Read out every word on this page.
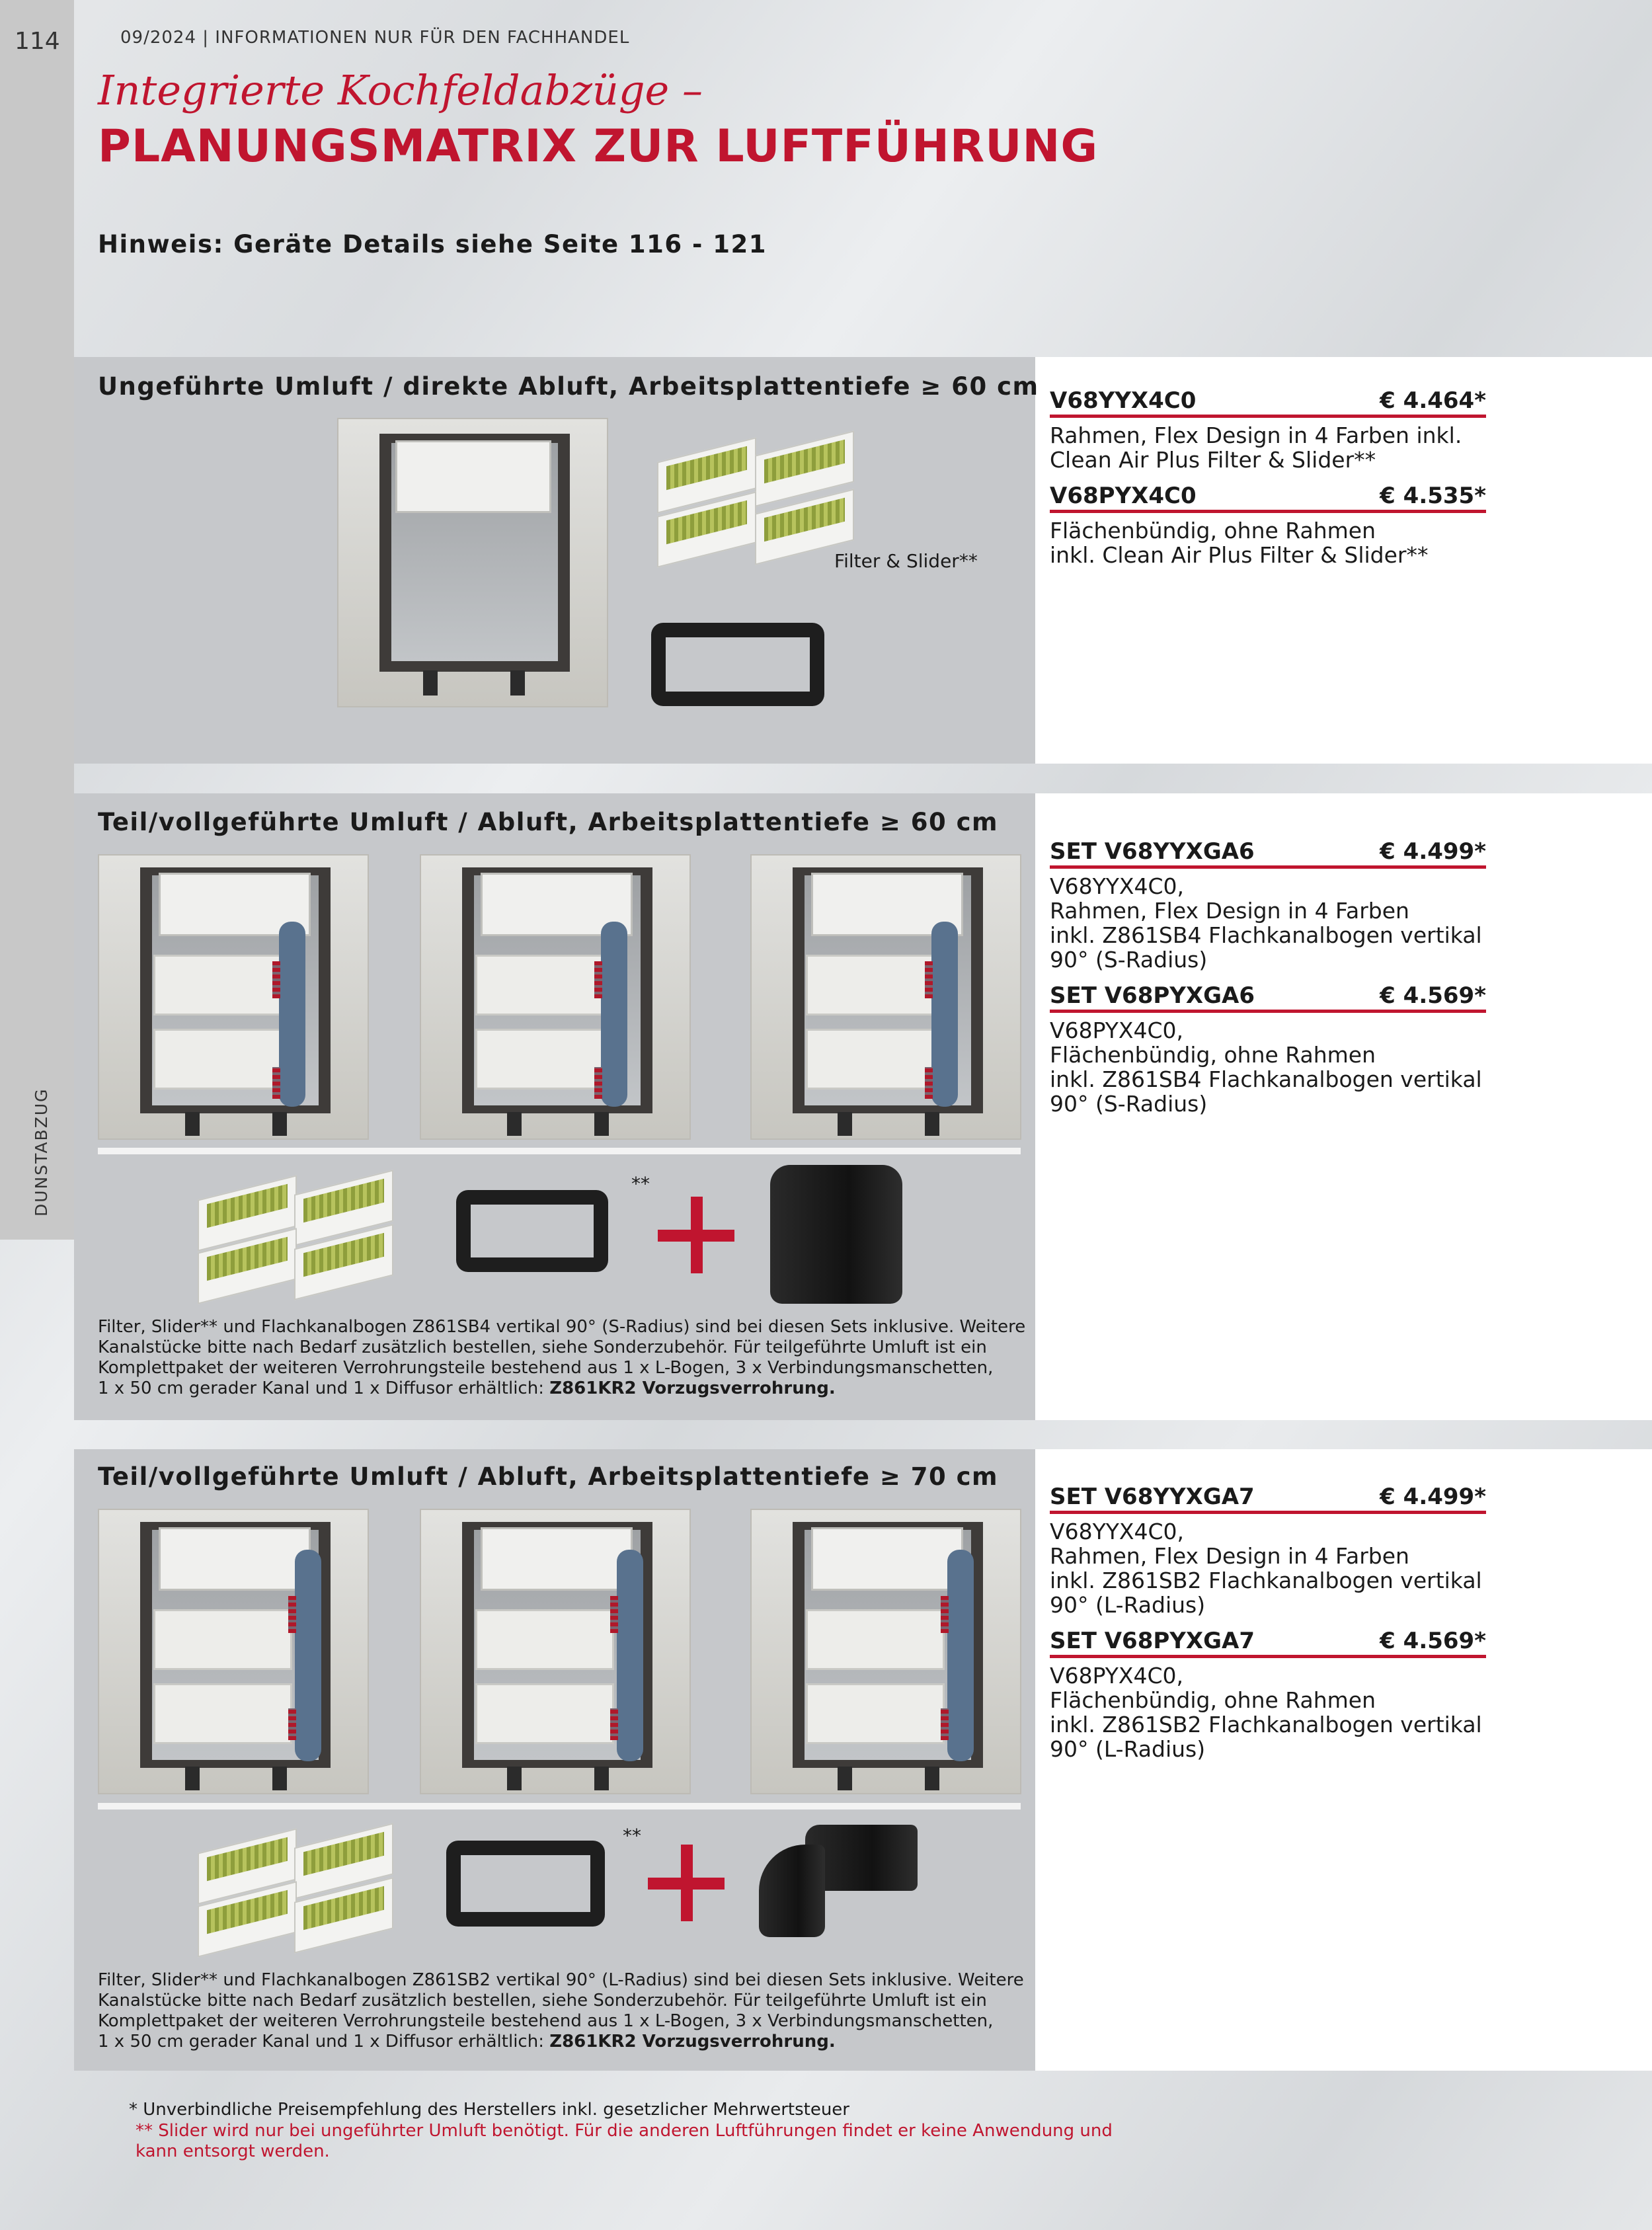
114
DUNSTABZUG
09/2024 | INFORMATIONEN NUR FÜR DEN FACHHANDEL
Integrierte Kochfeldabzüge –
PLANUNGSMATRIX ZUR LUFTFÜHRUNG
Hinweis: Geräte Details siehe Seite 116 - 121
Ungeführte Umluft / direkte Abluft, Arbeitsplattentiefe ≥ 60 cm
Filter & Slider**
V68YYX4C0	€ 4.464*
Rahmen, Flex Design in 4 Farben inkl.
Clean Air Plus Filter & Slider**
V68PYX4C0	€ 4.535*
Flächenbündig, ohne Rahmen
inkl. Clean Air Plus Filter & Slider**
Teil/vollgeführte Umluft / Abluft, Arbeitsplattentiefe ≥ 60 cm
**
Filter, Slider** und Flachkanalbogen Z861SB4 vertikal 90° (S-Radius) sind bei diesen Sets inklusive. Weitere
Kanalstücke bitte nach Bedarf zusätzlich bestellen, siehe Sonderzubehör. Für teilgeführte Umluft ist ein
Komplettpaket der weiteren Verrohrungsteile bestehend aus 1 x L-Bogen, 3 x Verbindungsmanschetten,
1 x 50 cm gerader Kanal und 1 x Diffusor erhältlich: Z861KR2 Vorzugsverrohrung.
SET V68YYXGA6	€ 4.499*
V68YYX4C0,
Rahmen, Flex Design in 4 Farben
inkl. Z861SB4 Flachkanalbogen vertikal
90° (S-Radius)
SET V68PYXGA6	€ 4.569*
V68PYX4C0,
Flächenbündig, ohne Rahmen
inkl. Z861SB4 Flachkanalbogen vertikal
90° (S-Radius)
Teil/vollgeführte Umluft / Abluft, Arbeitsplattentiefe ≥ 70 cm
**
Filter, Slider** und Flachkanalbogen Z861SB2 vertikal 90° (L-Radius) sind bei diesen Sets inklusive. Weitere
Kanalstücke bitte nach Bedarf zusätzlich bestellen, siehe Sonderzubehör. Für teilgeführte Umluft ist ein
Komplettpaket der weiteren Verrohrungsteile bestehend aus 1 x L-Bogen, 3 x Verbindungsmanschetten,
1 x 50 cm gerader Kanal und 1 x Diffusor erhältlich: Z861KR2 Vorzugsverrohrung.
SET V68YYXGA7	€ 4.499*
V68YYX4C0,
Rahmen, Flex Design in 4 Farben
inkl. Z861SB2 Flachkanalbogen vertikal
90° (L-Radius)
SET V68PYXGA7	€ 4.569*
V68PYX4C0,
Flächenbündig, ohne Rahmen
inkl. Z861SB2 Flachkanalbogen vertikal
90° (L-Radius)
* Unverbindliche Preisempfehlung des Herstellers inkl. gesetzlicher Mehrwertsteuer
** Slider wird nur bei ungeführter Umluft benötigt. Für die anderen Luftführungen findet er keine Anwendung und
kann entsorgt werden.
